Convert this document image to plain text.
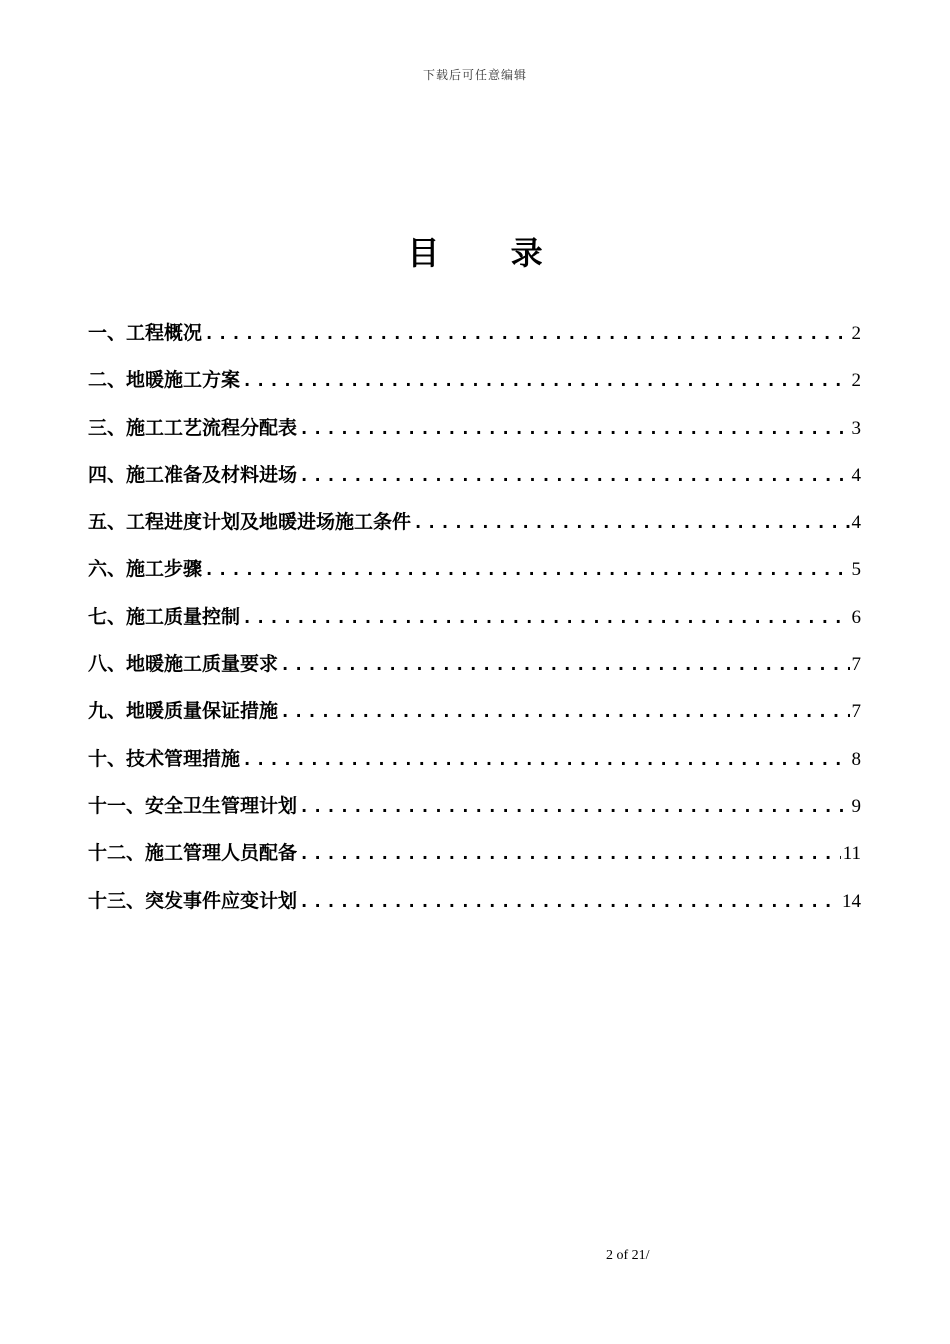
下载后可任意编辑
目 录
一、工程概况 .....	2
二、地暖施工方案 .....	2
三、施工工艺流程分配表 .....	3
四、施工准备及材料进场 .....	4
五、工程进度计划及地暖进场施工条件 .....	4
六、施工步骤 .....	5
七、施工质量控制 .....	6
八、地暖施工质量要求 .....	7
九、地暖质量保证措施 .....	7
十、技术管理措施 .....	8
十一、安全卫生管理计划 .....	9
十二、施工管理人员配备 .....	11
十三、突发事件应变计划 .....	14
2 of 21/
